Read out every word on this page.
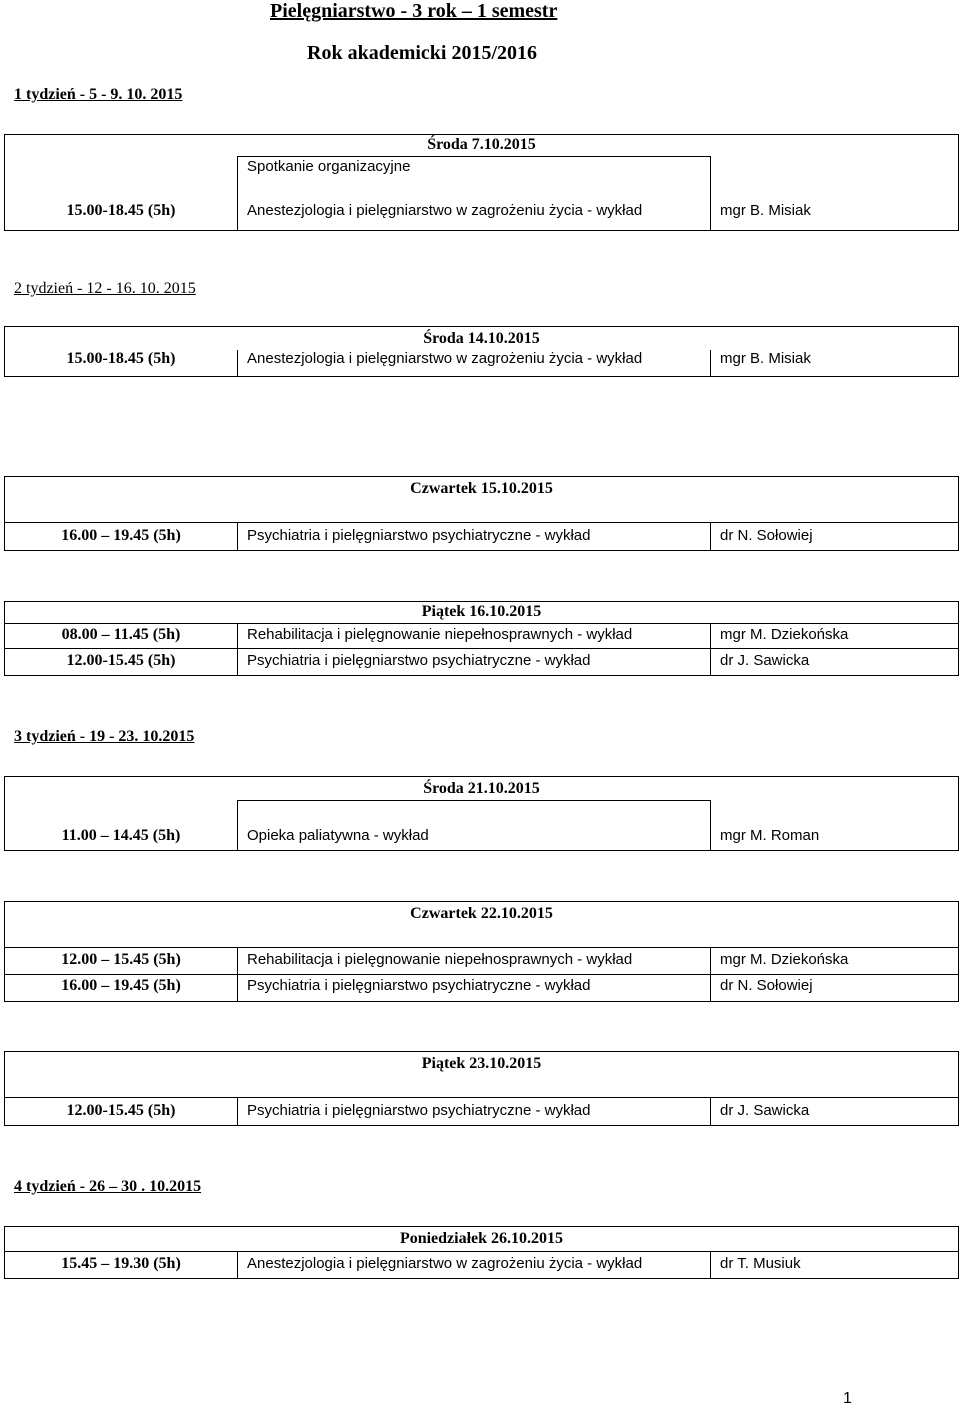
Pielęgniarstwo - 3 rok – 1 semestr
Rok akademicki 2015/2016
1 tydzień - 5 - 9. 10. 2015
Środa 7.10.2015
Spotkanie organizacyjne
15.00-18.45 (5h)	Anestezjologia i pielęgniarstwo w zagrożeniu życia - wykład	mgr B. Misiak
2 tydzień - 12 - 16. 10. 2015
Środa 14.10.2015
15.00-18.45 (5h)	Anestezjologia i pielęgniarstwo w zagrożeniu życia - wykład	mgr B. Misiak
Czwartek 15.10.2015
16.00 – 19.45 (5h)	Psychiatria i pielęgniarstwo psychiatryczne - wykład	dr N. Sołowiej
Piątek 16.10.2015
08.00 – 11.45 (5h)	Rehabilitacja i pielęgnowanie niepełnosprawnych - wykład	mgr M. Dziekońska
12.00-15.45 (5h)	Psychiatria i pielęgniarstwo psychiatryczne - wykład	dr J. Sawicka
3 tydzień - 19 - 23. 10.2015
Środa 21.10.2015
11.00 – 14.45 (5h)	Opieka paliatywna - wykład	mgr M. Roman
Czwartek 22.10.2015
12.00 – 15.45 (5h)	Rehabilitacja i pielęgnowanie niepełnosprawnych - wykład	mgr M. Dziekońska
16.00 – 19.45 (5h)	Psychiatria i pielęgniarstwo psychiatryczne - wykład	dr N. Sołowiej
Piątek 23.10.2015
12.00-15.45 (5h)	Psychiatria i pielęgniarstwo psychiatryczne - wykład	dr J. Sawicka
4 tydzień - 26 – 30 . 10.2015
Poniedziałek 26.10.2015
15.45 – 19.30 (5h)	Anestezjologia i pielęgniarstwo w zagrożeniu życia - wykład	dr T. Musiuk
1
